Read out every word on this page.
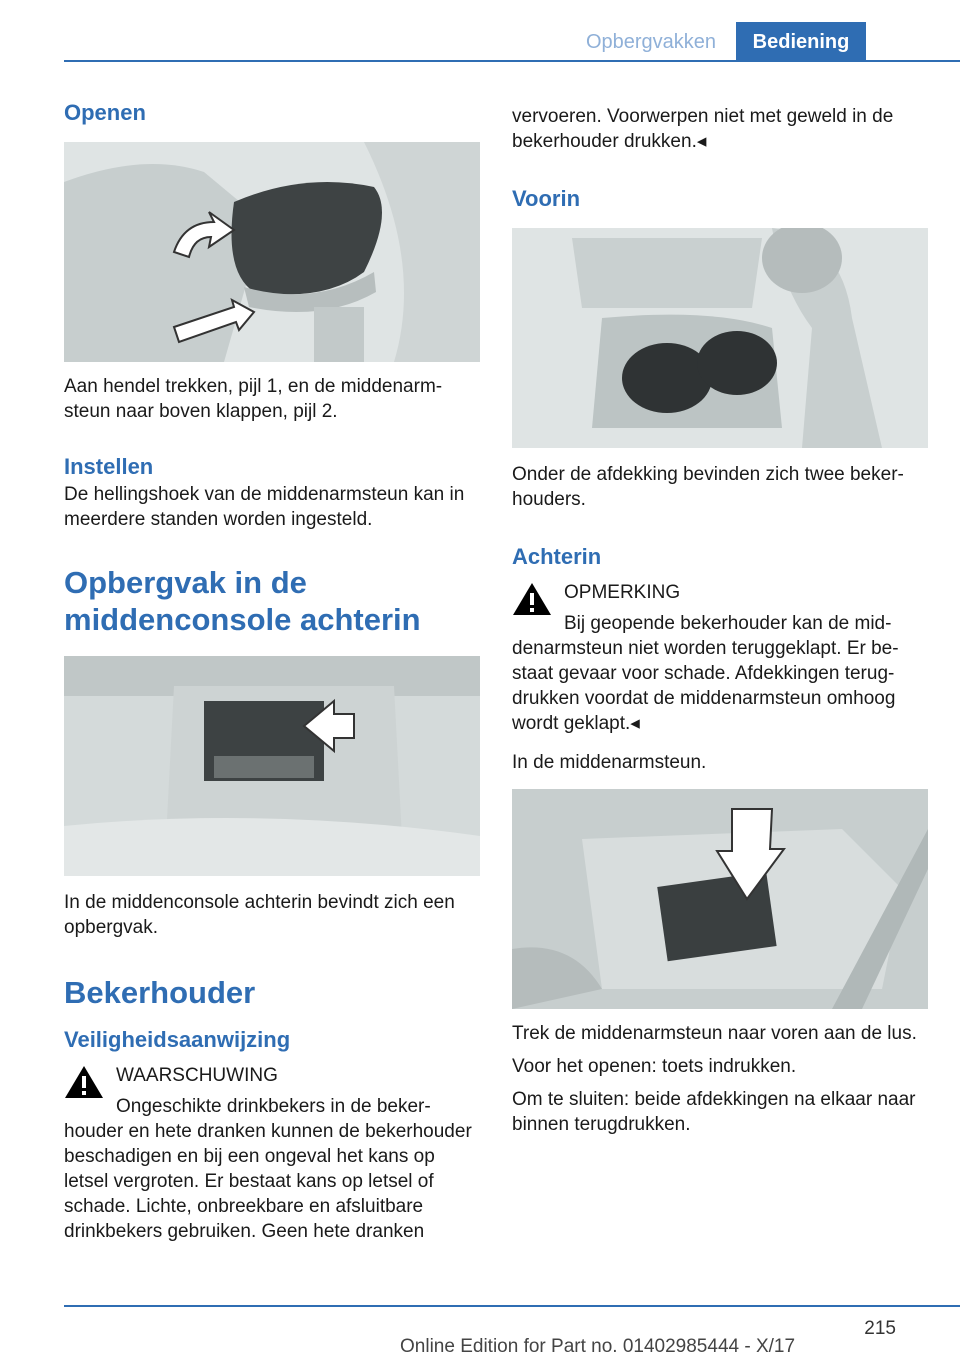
Opbergvakken	Bediening
Openen
Aan hendel trekken, pijl 1, en de middenarmsteun naar boven klappen, pijl 2.
Instellen
De hellingshoek van de middenarmsteun kan in meerdere standen worden ingesteld.
Opbergvak in de middenconsole achterin
In de middenconsole achterin bevindt zich een opbergvak.
Bekerhouder
Veiligheidsaanwijzing
WAARSCHUWING
Ongeschikte drinkbekers in de bekerhouder en hete dranken kunnen de bekerhouder beschadigen en bij een ongeval het kans op letsel vergroten. Er bestaat kans op letsel of schade. Lichte, onbreekbare en afsluitbare drinkbekers gebruiken. Geen hete dranken
vervoeren. Voorwerpen niet met geweld in de bekerhouder drukken.◂
Voorin
Onder de afdekking bevinden zich twee bekerhouders.
Achterin
OPMERKING
Bij geopende bekerhouder kan de middenarmsteun niet worden teruggeklapt. Er bestaat gevaar voor schade. Afdekkingen terugdrukken voordat de middenarmsteun omhoog wordt geklapt.◂
In de middenarmsteun.
Trek de middenarmsteun naar voren aan de lus.
Voor het openen: toets indrukken.
Om te sluiten: beide afdekkingen na elkaar naar binnen terugdrukken.
215
Online Edition for Part no. 01402985444 - X/17
